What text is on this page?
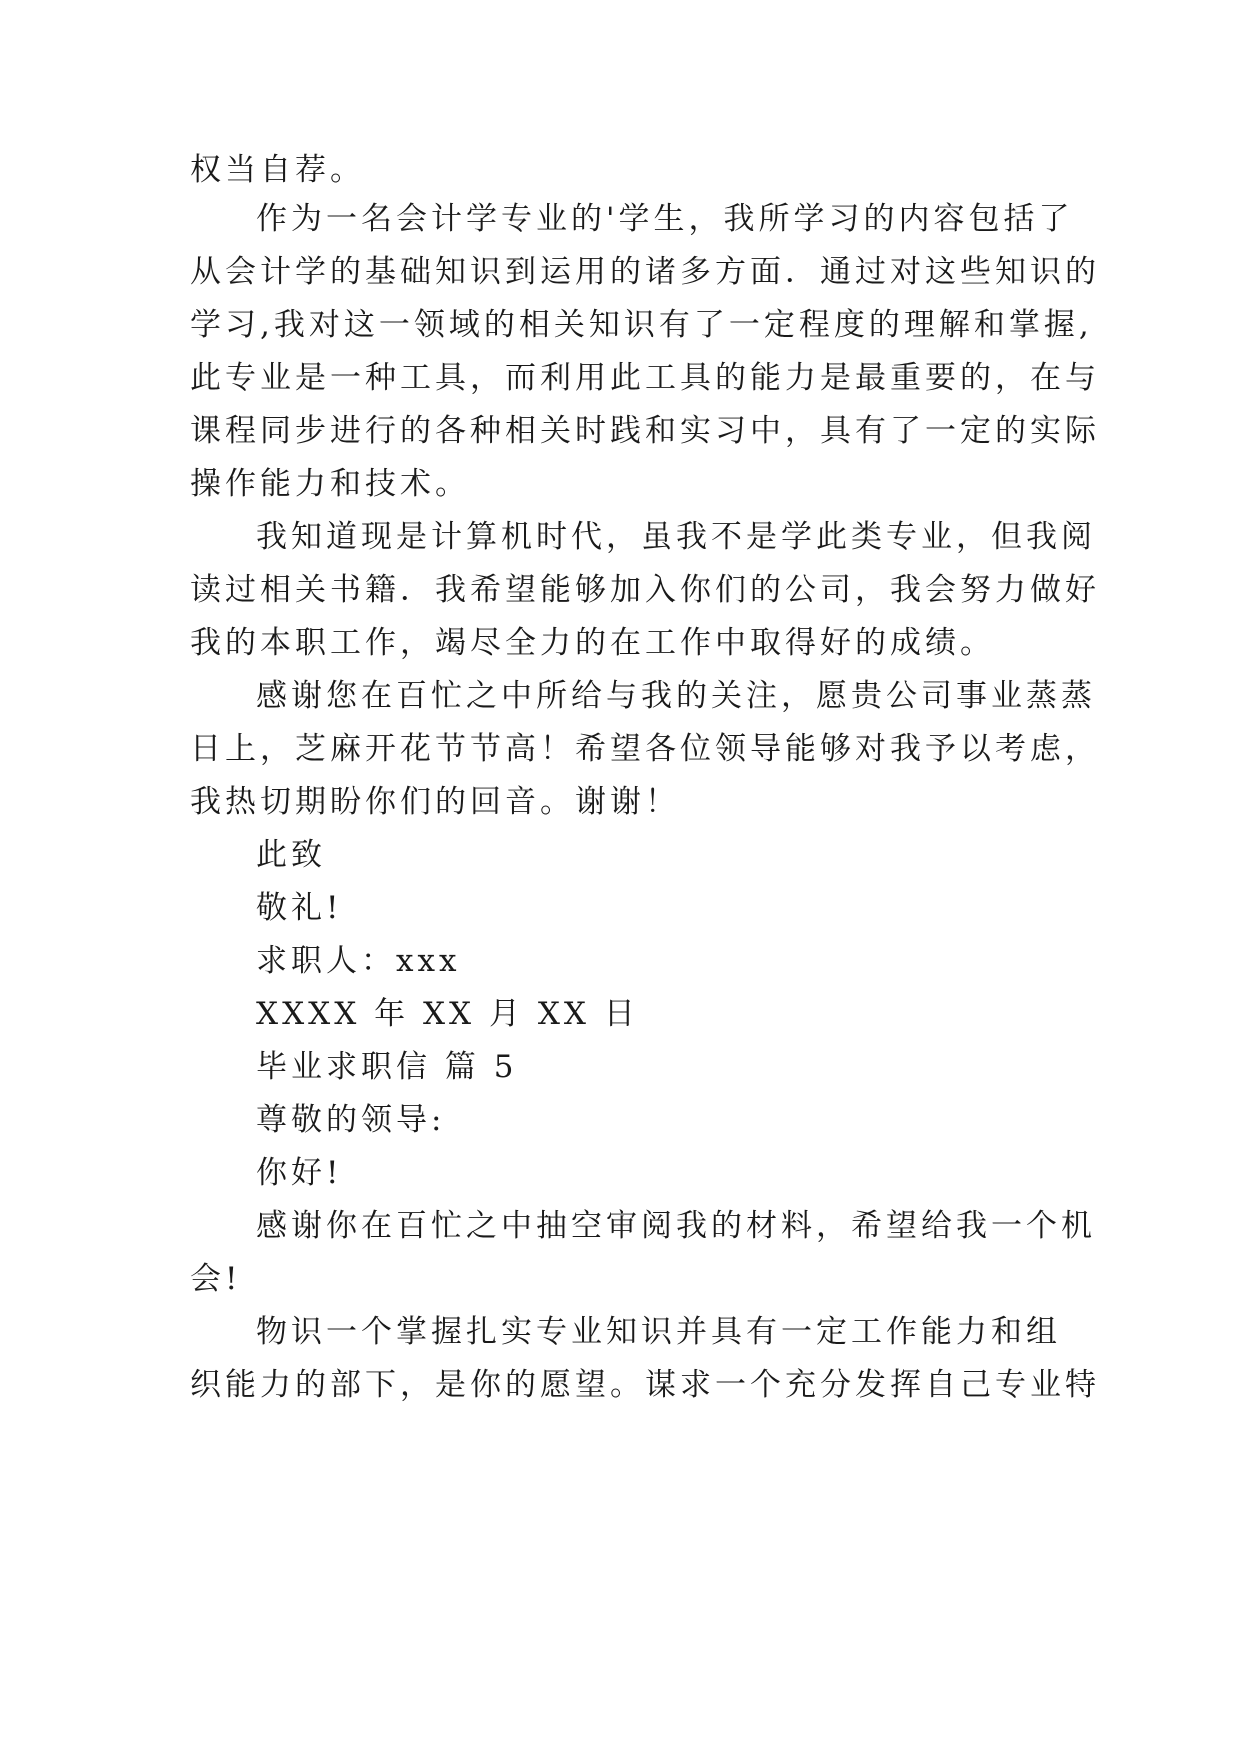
权当自荐。
作为一名会计学专业的'学生，我所学习的内容包括了
从会计学的基础知识到运用的诸多方面．通过对这些知识的
学习,我对这一领域的相关知识有了一定程度的理解和掌握,
此专业是一种工具，而利用此工具的能力是最重要的，在与
课程同步进行的各种相关时践和实习中，具有了一定的实际
操作能力和技术。
我知道现是计算机时代，虽我不是学此类专业，但我阅
读过相关书籍．我希望能够加入你们的公司，我会努力做好
我的本职工作，竭尽全力的在工作中取得好的成绩。
感谢您在百忙之中所给与我的关注，愿贵公司事业蒸蒸
日上，芝麻开花节节高！希望各位领导能够对我予以考虑，
我热切期盼你们的回音。谢谢！
此致
敬礼!
求职人：xxx
XXXX 年 XX 月 XX 日
毕业求职信 篇 5
尊敬的领导:
你好!
感谢你在百忙之中抽空审阅我的材料，希望给我一个机
会!
物识一个掌握扎实专业知识并具有一定工作能力和组
织能力的部下，是你的愿望。谋求一个充分发挥自己专业特
